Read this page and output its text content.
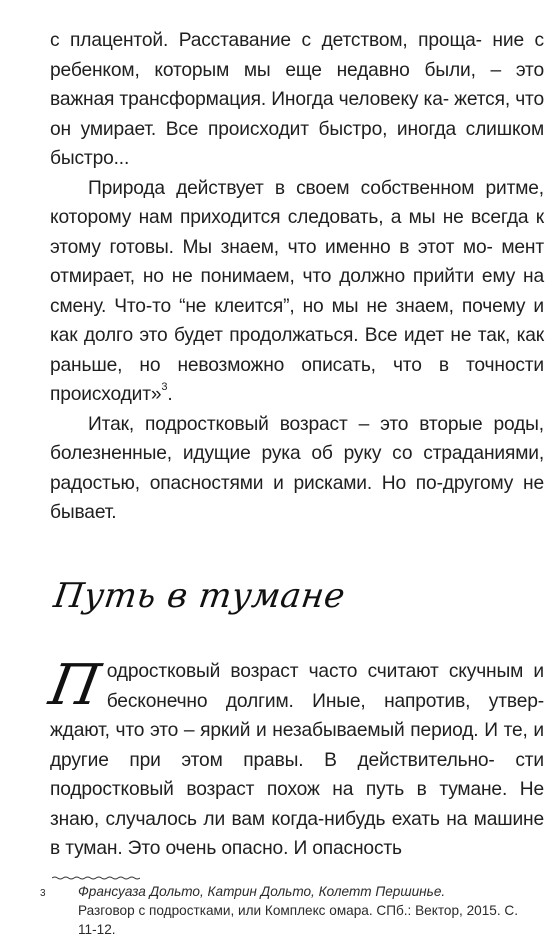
с плацентой. Расставание с детством, проща- ние с ребенком, которым мы еще недавно были, – это важная трансформация. Иногда человеку ка- жется, что он умирает. Все происходит быстро, иногда слишком быстро...

Природа действует в своем собственном ритме, которому нам приходится следовать, а мы не всегда к этому готовы. Мы знаем, что именно в этот мо- мент отмирает, но не понимаем, что должно прийти ему на смену. Что-то “не клеится”, но мы не знаем, почему и как долго это будет продолжаться. Все идет не так, как раньше, но невозможно описать, что в точности происходит»$^3$.

Итак, подростковый возраст – это вторые роды, болезненные, идущие рука об руку со страданиями, радостью, опасностями и рисками. Но по-другому не бывает.

Путь в тумане

Подростковый возраст часто считают скучным и бесконечно долгим. Иные, напротив, утвер- ждают, что это – яркий и незабываемый период. И те, и другие при этом правы. В действительно- сти подростковый возраст похож на путь в тумане. Не знаю, случалось ли вам когда-нибудь ехать на машине в туман. Это очень опасно. И опасность

3 Франсуаза Дольто, Катрин Дольто, Колетт Першиньe.
Разговор с подростками, или Комплекс омара. СПб.: Вектор, 2015. С. 11-12.
